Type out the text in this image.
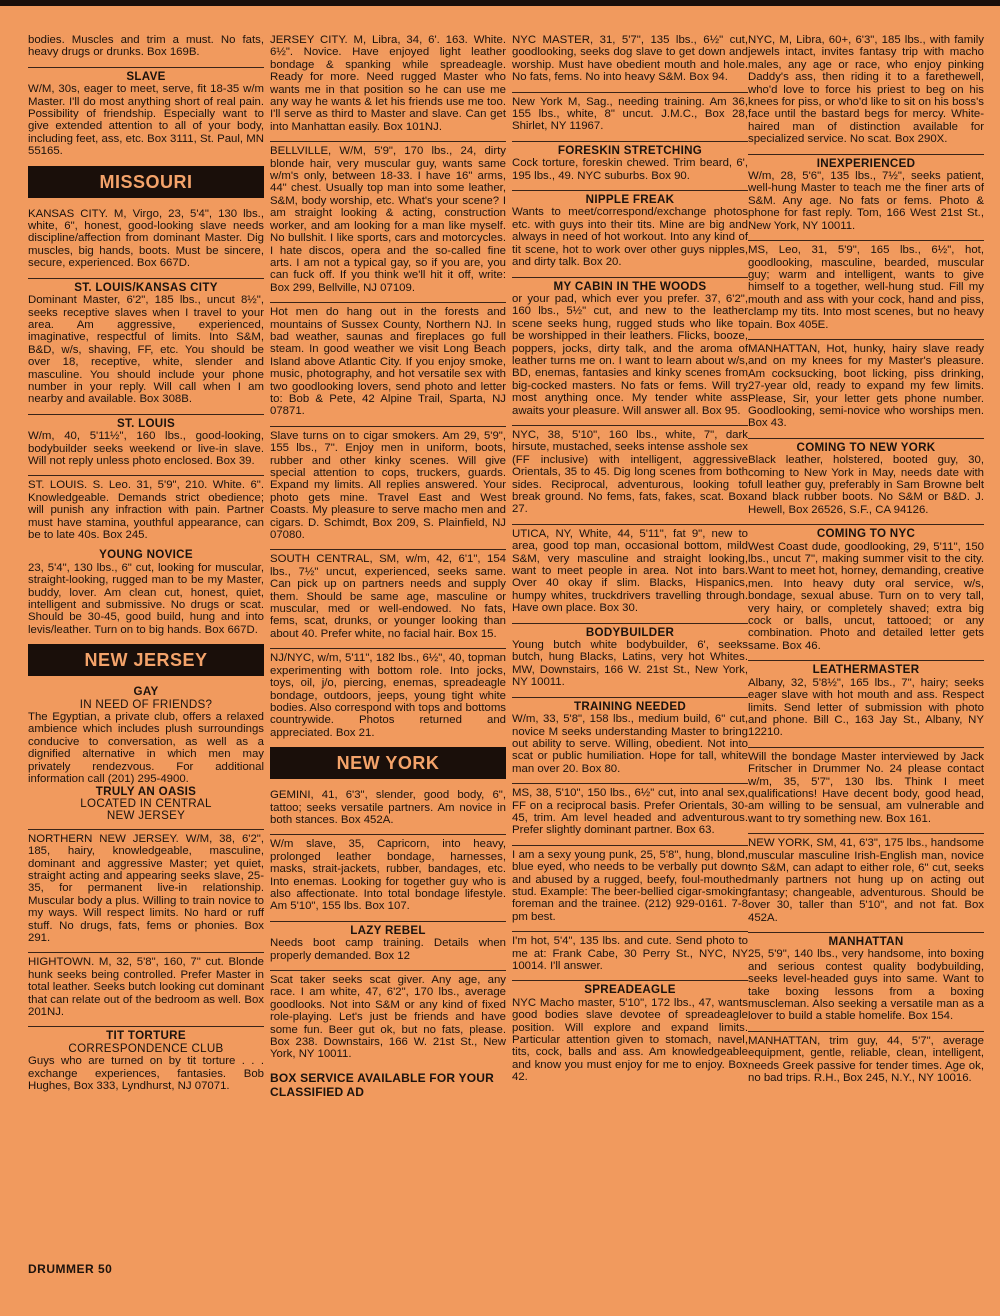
bodies. Muscles and trim a must. No fats, heavy drugs or drunks. Box 169B.

SLAVE

W/M, 30s, eager to meet, serve, fit 18-35 w/m Master. I'll do most anything short of real pain. Possibility of friendship. Especially want to give extended attention to all of your body, including feet, ass, etc. Box 3111, St. Paul, MN 55165.

MISSOURI

KANSAS CITY. M, Virgo, 23, 5'4", 130 lbs., white, 6", honest, good-looking slave needs discipline/affection from dominant Master. Dig muscles, big hands, boots. Must be sincere, secure, experienced. Box 667D.

ST. LOUIS/KANSAS CITY

Dominant Master, 6'2", 185 lbs., uncut 8½", seeks receptive slaves when I travel to your area. Am aggressive, experienced, imaginative, respectful of limits. Into S&M, B&D, w/s, shaving, FF, etc. You should be over 18, receptive, white, slender and masculine. You should include your phone number in your reply. Will call when I am nearby and available. Box 308B.

ST. LOUIS

W/m, 40, 5'11½", 160 lbs., good-looking, bodybuilder seeks weekend or live-in slave. Will not reply unless photo enclosed. Box 39.

ST. LOUIS. S. Leo. 31, 5'9", 210. White. 6". Knowledgeable. Demands strict obedience; will punish any infraction with pain. Partner must have stamina, youthful appearance, can be to late 40s. Box 245.

YOUNG NOVICE

23, 5'4", 130 lbs., 6" cut, looking for muscular, straight-looking, rugged man to be my Master, buddy, lover. Am clean cut, honest, quiet, intelligent and submissive. No drugs or scat. Should be 30-45, good build, hung and into levis/leather. Turn on to big hands. Box 667D.

NEW JERSEY
GAY
IN NEED OF FRIENDS?

The Egyptian, a private club, offers a relaxed ambience which includes plush surroundings conducive to conversation, as well as a dignified alternative in which men may privately rendezvous. For additional information call (201) 295-4900.

TRULY AN OASIS
LOCATED IN CENTRAL
NEW JERSEY

NORTHERN NEW JERSEY. W/M, 38, 6'2", 185, hairy, knowledgeable, masculine, dominant and aggressive Master; yet quiet, straight acting and appearing seeks slave, 25-35, for permanent live-in relationship. Muscular body a plus. Willing to train novice to my ways. Will respect limits. No hard or ruff stuff. No drugs, fats, fems or phonies. Box 291.

HIGHTOWN. M, 32, 5'8", 160, 7" cut. Blonde hunk seeks being controlled. Prefer Master in total leather. Seeks butch looking cut dominant that can relate out of the bedroom as well. Box 201NJ.

TIT TORTURE
CORRESPONDENCE CLUB

Guys who are turned on by tit torture . . . exchange experiences, fantasies. Bob Hughes, Box 333, Lyndhurst, NJ 07071.

JERSEY CITY. M, Libra, 34, 6'. 163. White. 6½". Novice. Have enjoyed light leather bondage & spanking while spreadeagle. Ready for more. Need rugged Master who wants me in that position so he can use me any way he wants & let his friends use me too. I'll serve as third to Master and slave. Can get into Manhattan easily. Box 101NJ.

BELLVILLE, W/M, 5'9", 170 lbs., 24, dirty blonde hair, very muscular guy, wants same w/m's only, between 18-33. I have 16" arms, 44" chest. Usually top man into some leather, S&M, body worship, etc. What's your scene? I am straight looking & acting, construction worker, and am looking for a man like myself. No bullshit. I like sports, cars and motorcycles. I hate discos, opera and the so-called fine arts. I am not a typical gay, so if you are, you can fuck off. If you think we'll hit it off, write: Box 299, Bellville, NJ 07109.

Hot men do hang out in the forests and mountains of Sussex County, Northern NJ. In bad weather, saunas and fireplaces go full steam. In good weather we visit Long Beach Island above Atlantic City. If you enjoy smoke, music, photography, and hot versatile sex with two goodlooking lovers, send photo and letter to: Bob & Pete, 42 Alpine Trail, Sparta, NJ 07871.

Slave turns on to cigar smokers. Am 29, 5'9", 155 lbs., 7". Enjoy men in uniform, boots, rubber and other kinky scenes. Will give special attention to cops, truckers, guards. Expand my limits. All replies answered. Your photo gets mine. Travel East and West Coasts. My pleasure to serve macho men and cigars. D. Schimdt, Box 209, S. Plainfield, NJ 07080.

SOUTH CENTRAL, SM, w/m, 42, 6'1", 154 lbs., 7½" uncut, experienced, seeks same. Can pick up on partners needs and supply them. Should be same age, masculine or muscular, med or well-endowed. No fats, fems, scat, drunks, or younger looking than about 40. Prefer white, no facial hair. Box 15.

NJ/NYC, w/m, 5'11", 182 lbs., 6½", 40, topman experimenting with bottom role. Into jocks, toys, oil, j/o, piercing, enemas, spreadeagle bondage, outdoors, jeeps, young tight white bodies. Also correspond with tops and bottoms countrywide. Photos returned and appreciated. Box 21.

NEW YORK

GEMINI, 41, 6'3", slender, good body, 6", tattoo; seeks versatile partners. Am novice in both stances. Box 452A.

W/m slave, 35, Capricorn, into heavy, prolonged leather bondage, harnesses, masks, strait-jackets, rubber, bandages, etc. Into enemas. Looking for together guy who is also affectionate. Into total bondage lifestyle. Am 5'10", 155 lbs. Box 107.

LAZY REBEL

Needs boot camp training. Details when properly demanded. Box 12

Scat taker seeks scat giver. Any age, any race. I am white, 47, 6'2", 170 lbs., average goodlooks. Not into S&M or any kind of fixed role-playing. Let's just be friends and have some fun. Beer gut ok, but no fats, please. Box 238. Downstairs, 166 W. 21st St., New York, NY 10011.

BOX SERVICE AVAILABLE FOR YOUR CLASSIFIED AD

NYC MASTER, 31, 5'7", 135 lbs., 6½" cut, goodlooking, seeks dog slave to get down and worship. Must have obedient mouth and hole. No fats, fems. No into heavy S&M. Box 94.

New York M, Sag., needing training. Am 36, 155 lbs., white, 8" uncut. J.M.C., Box 28, Shirlet, NY 11967.

FORESKIN STRETCHING

Cock torture, foreskin chewed. Trim beard, 6', 195 lbs., 49. NYC suburbs. Box 90.

NIPPLE FREAK

Wants to meet/correspond/exchange photos etc. with guys into their tits. Mine are big and always in need of hot workout. Into any kind of tit scene, hot to work over other guys nipples, and dirty talk. Box 20.

MY CABIN IN THE WOODS

or your pad, which ever you prefer. 37, 6'2", 160 lbs., 5½" cut, and new to the leather scene seeks hung, rugged studs who like to be worshipped in their leathers. Flicks, booze, poppers, jocks, dirty talk, and the aroma of leather turns me on. I want to learn about w/s, BD, enemas, fantasies and kinky scenes from big-cocked masters. No fats or fems. Will try most anything once. My tender white ass awaits your pleasure. Will answer all. Box 95.

NYC, 38, 5'10", 160 lbs., white, 7", dark hirsute, mustached, seeks intense asshole sex (FF inclusive) with intelligent, aggressive Orientals, 35 to 45. Dig long scenes from both sides. Reciprocal, adventurous, looking to break ground. No fems, fats, fakes, scat. Box 27.

UTICA, NY, White, 44, 5'11", fat 9", new to area, good top man, occasional bottom, mild S&M, very masculine and straight looking, want to meet people in area. Not into bars. Over 40 okay if slim. Blacks, Hispanics, humpy whites, truckdrivers travelling through. Have own place. Box 30.

BODYBUILDER

Young butch white bodybuilder, 6', seeks butch, hung Blacks, Latins, very hot Whites. MW, Downstairs, 166 W. 21st St., New York, NY 10011.

TRAINING NEEDED

W/m, 33, 5'8", 158 lbs., medium build, 6" cut, novice M seeks understanding Master to bring out ability to serve. Willing, obedient. Not into scat or public humiliation. Hope for tall, white man over 20. Box 80.

MS, 38, 5'10", 150 lbs., 6½" cut, into anal sex, FF on a reciprocal basis. Prefer Orientals, 30-45, trim. Am level headed and adventurous. Prefer slightly dominant partner. Box 63.

I am a sexy young punk, 25, 5'8", hung, blond, blue eyed, who needs to be verbally put down and abused by a rugged, beefy, foul-mouthed stud. Example: The beer-bellied cigar-smoking foreman and the trainee. (212) 929-0161. 7-8 pm best.

I'm hot, 5'4", 135 lbs. and cute. Send photo to me at: Frank Cabe, 30 Perry St., NYC, NY 10014. I'll answer.

SPREADEAGLE

NYC Macho master, 5'10", 172 lbs., 47, wants good bodies slave devotee of spreadeagle position. Will explore and expand limits. Particular attention given to stomach, navel, tits, cock, balls and ass. Am knowledgeable and know you must enjoy for me to enjoy. Box 42.

NYC, M, Libra, 60+, 6'3", 185 lbs., with family jewels intact, invites fantasy trip with macho males, any age or race, who enjoy pinking Daddy's ass, then riding it to a farethewell, who'd love to force his priest to beg on his knees for piss, or who'd like to sit on his boss's face until the bastard begs for mercy. White-haired man of distinction available for specialized service. No scat. Box 290X.

INEXPERIENCED

W/m, 28, 5'6", 135 lbs., 7½", seeks patient, well-hung Master to teach me the finer arts of S&M. Any age. No fats or fems. Photo & phone for fast reply. Tom, 166 West 21st St., New York, NY 10011.

MS, Leo, 31, 5'9", 165 lbs., 6½", hot, goodlooking, masculine, bearded, muscular guy; warm and intelligent, wants to give himself to a together, well-hung stud. Fill my mouth and ass with your cock, hand and piss, clamp my tits. Into most scenes, but no heavy pain. Box 405E.

MANHATTAN, Hot, hunky, hairy slave ready and on my knees for my Master's pleasure. Am cocksucking, boot licking, piss drinking, 27-year old, ready to expand my few limits. Please, Sir, your letter gets phone number. Goodlooking, semi-novice who worships men. Box 43.

COMING TO NEW YORK

Black leather, holstered, booted guy, 30, coming to New York in May, needs date with full leather guy, preferably in Sam Browne belt and black rubber boots. No S&M or B&D. J. Hewell, Box 26526, S.F., CA 94126.

COMING TO NYC

West Coast dude, goodlooking, 29, 5'11", 150 lbs., uncut 7", making summer visit to the city. Want to meet hot, horney, demanding, creative men. Into heavy duty oral service, w/s, bondage, sexual abuse. Turn on to very tall, very hairy, or completely shaved; extra big cock or balls, uncut, tattooed; or any combination. Photo and detailed letter gets same. Box 46.

LEATHERMASTER

Albany, 32, 5'8½", 165 lbs., 7", hairy; seeks eager slave with hot mouth and ass. Respect limits. Send letter of submission with photo and phone. Bill C., 163 Jay St., Albany, NY 12210.

Will the bondage Master interviewed by Jack Fritscher in Drummer No. 24 please contact w/m, 35, 5'7", 130 lbs. Think I meet qualifications! Have decent body, good head, am willing to be sensual, am vulnerable and want to try something new. Box 161.

NEW YORK, SM, 41, 6'3", 175 lbs., handsome muscular masculine Irish-English man, novice to S&M, can adapt to either role, 6" cut, seeks manly partners not hung up on acting out fantasy; changeable, adventurous. Should be over 30, taller than 5'10", and not fat. Box 452A.

MANHATTAN

25, 5'9", 140 lbs., very handsome, into boxing and serious contest quality bodybuilding, seeks level-headed guys into same. Want to take boxing lessons from a boxing muscleman. Also seeking a versatile man as a lover to build a stable homelife. Box 154.

MANHATTAN, trim guy, 44, 5'7", average equipment, gentle, reliable, clean, intelligent, needs Greek passive for tender times. Age ok, no bad trips. R.H., Box 245, N.Y., NY 10016.

DRUMMER 50
